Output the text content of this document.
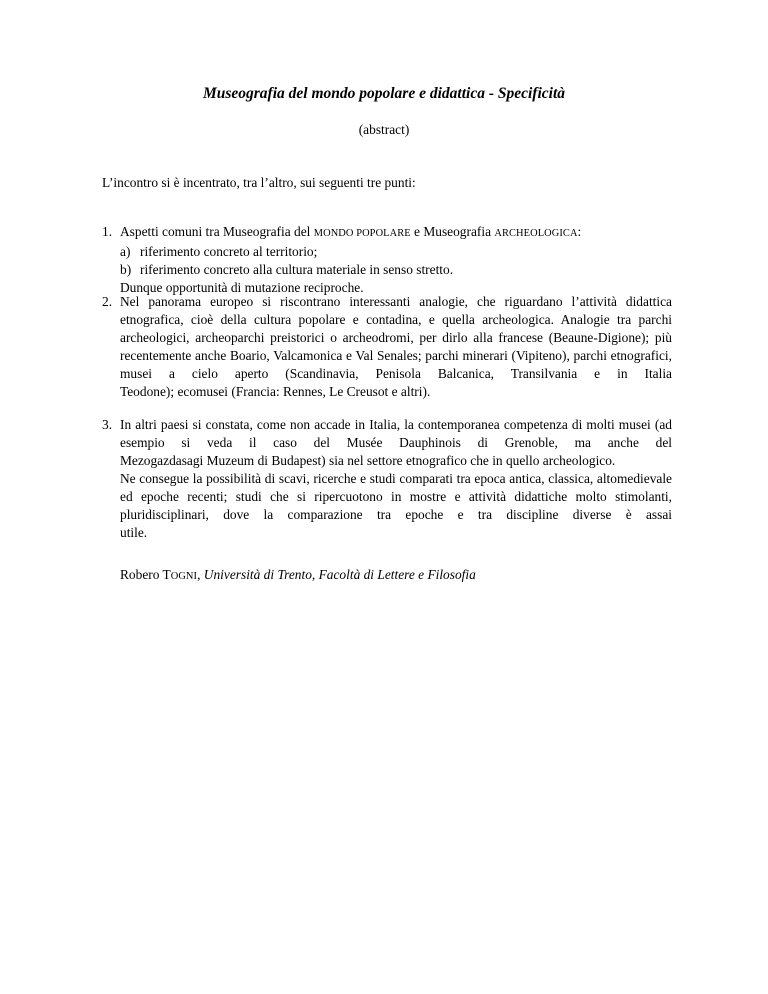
Museografia del mondo popolare e didattica - Specificità
(abstract)
L’incontro si è incentrato, tra l’altro, sui seguenti tre punti:
1. Aspetti comuni tra Museografia del MONDO POPOLARE e Museografia ARCHEOLOGICA:

a) riferimento concreto al territorio;
b) riferimento concreto alla cultura materiale in senso stretto.

Dunque opportunità di mutazione reciproche.

2. Nel panorama europeo si riscontrano interessanti analogie, che riguardano l’attività didattica etnografica, cioè della cultura popolare e contadina, e quella archeologica. Analogie tra parchi archeologici, archeoparchi preistorici o archeodromi, per dirlo alla francese (Beaune-Digione); più recentemente anche Boario, Valcamonica e Val Senales; parchi minerari (Vipiteno), parchi etnografici, musei a cielo aperto (Scandinavia, Penisola Balcanica, Transilvania e in Italia

Teodone); ecomusei (Francia: Rennes, Le Creusot e altri).

3. In altri paesi si constata, come non accade in Italia, la contemporanea competenza di molti musei (ad esempio si veda il caso del Musée Dauphinois di Grenoble, ma anche del

Mezogazdasagi Muzeum di Budapest) sia nel settore etnografico che in quello archeologico.

Ne consegue la possibilità di scavi, ricerche e studi comparati tra epoca antica, classica, altomedievale ed epoche recenti; studi che si ripercuotono in mostre e attività didattiche molto stimolanti, pluridisciplinari, dove la comparazione tra epoche e tra discipline diverse è assai

utile.

Robero TOGNI, Università di Trento, Facoltà di Lettere e Filosofia
